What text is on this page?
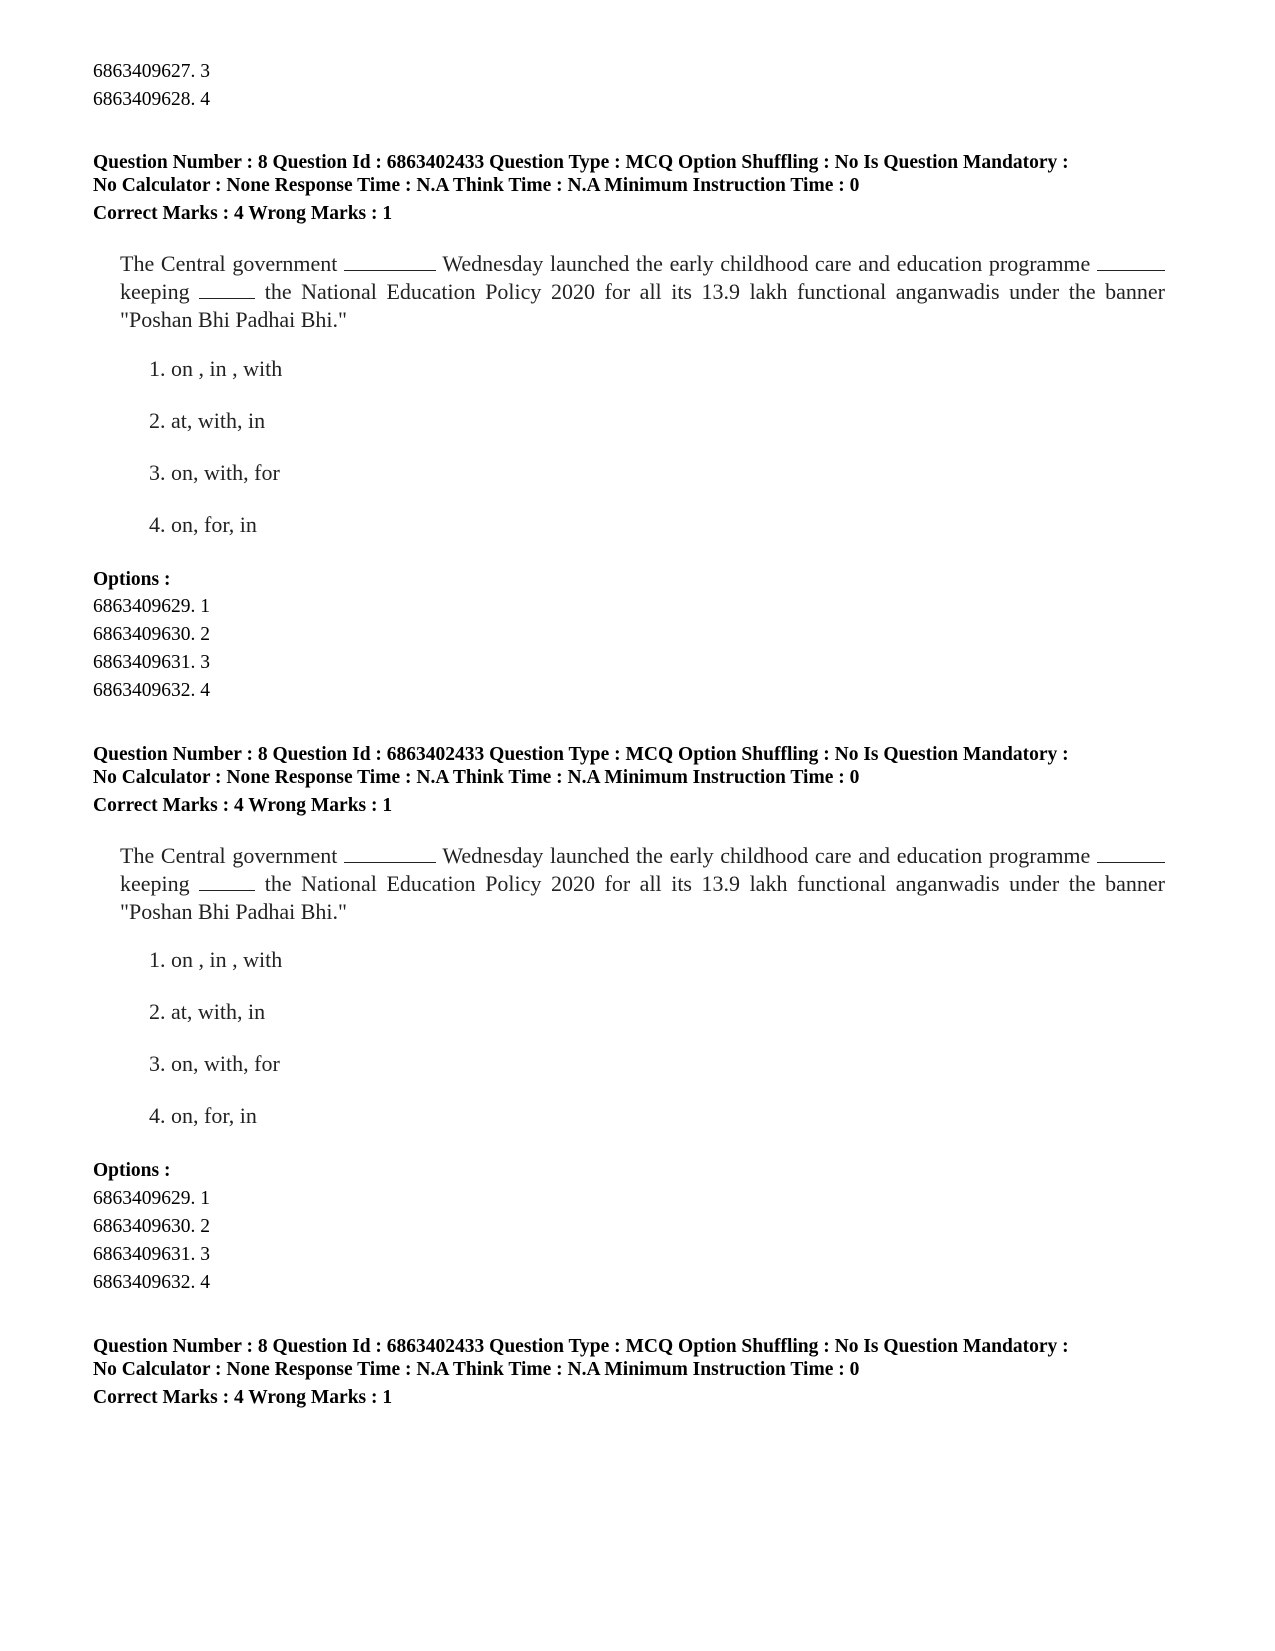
6863409627. 3
6863409628. 4
Question Number : 8 Question Id : 6863402433 Question Type : MCQ Option Shuffling : No Is Question Mandatory :
No Calculator : None Response Time : N.A Think Time : N.A Minimum Instruction Time : 0
Correct Marks : 4 Wrong Marks : 1
The Central government	Wednesday launched the early childhood care and education programme  keeping	the National Education Policy 2020 for all its 13.9 lakh functional anganwadis under the banner "Poshan Bhi Padhai Bhi."
1. on , in , with
2. at, with, in
3. on, with, for
4. on, for, in
Options :
6863409629. 1
6863409630. 2
6863409631. 3
6863409632. 4
Question Number : 8 Question Id : 6863402433 Question Type : MCQ Option Shuffling : No Is Question Mandatory :
No Calculator : None Response Time : N.A Think Time : N.A Minimum Instruction Time : 0
Correct Marks : 4 Wrong Marks : 1
The Central government	Wednesday launched the early childhood care and education programme  keeping	the National Education Policy 2020 for all its 13.9 lakh functional anganwadis under the banner "Poshan Bhi Padhai Bhi."
1. on , in , with
2. at, with, in
3. on, with, for
4. on, for, in
Options :
6863409629. 1
6863409630. 2
6863409631. 3
6863409632. 4
Question Number : 8 Question Id : 6863402433 Question Type : MCQ Option Shuffling : No Is Question Mandatory :
No Calculator : None Response Time : N.A Think Time : N.A Minimum Instruction Time : 0
Correct Marks : 4 Wrong Marks : 1
